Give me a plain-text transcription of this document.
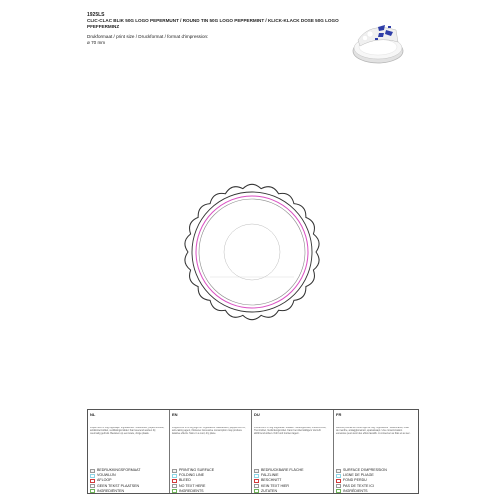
1925LS
CLIC-CLAC BLIK 50G LOGO PEPERMUNT / ROUND TIN 50G LOGO PEPPERMINT / KLICK-KLACK DOSE 50G LOGO
PFEFFERMINZ
Drukformaat / print size / Druckformat / format d'impression:
ø 70 mm
NL
Pepermunt in 50g logoblikje. Ingrediënten: zoetstoffen, pepermuntolie, antiklontermiddel, verdikkingsmiddel. Kan laxerend werken bij overmatig gebruik. Bewaren op een koele, droge plaats.
BEDRUKKINGSFORMAAT
VOUWLIJN
AFLOOP
GEEN TEKST PLAATSEN
INGREDIËNTEN
EN
Peppermint in a 50g logo tin. Ingredients: sweeteners, peppermint oil, anti-caking agent, thickener. Excessive consumption may produce laxative effects. Store in a cool, dry place.
PRINTING SURFACE
FOLDING LINE
BLEED
NO TEXT HERE
INGREDIENTS
DU
Pfefferminz in 50g Logodose. Zutaten: Süßungsmittel, Pfefferminzöl, Trennmittel, Verdickungsmittel. Kann bei übermäßigem Verzehr abführend wirken. Kühl und trocken lagern.
BEDRUCKBARE FLÄCHE
FALZLINIE
BESCHNITT
KEIN TEXT HIER
ZUTATEN
FR
Menthe poivrée en boîte logo de 50g. Ingrédients : édulcorants, huile de menthe, antiagglomérant, épaississant. Une consommation excessive peut avoir des effets laxatifs. À conserver au frais et au sec.
SURFACE D'IMPRESSION
LIGNE DE PLIAGE
FOND PERDU
PAS DE TEXTE ICI
INGRÉDIENTS
